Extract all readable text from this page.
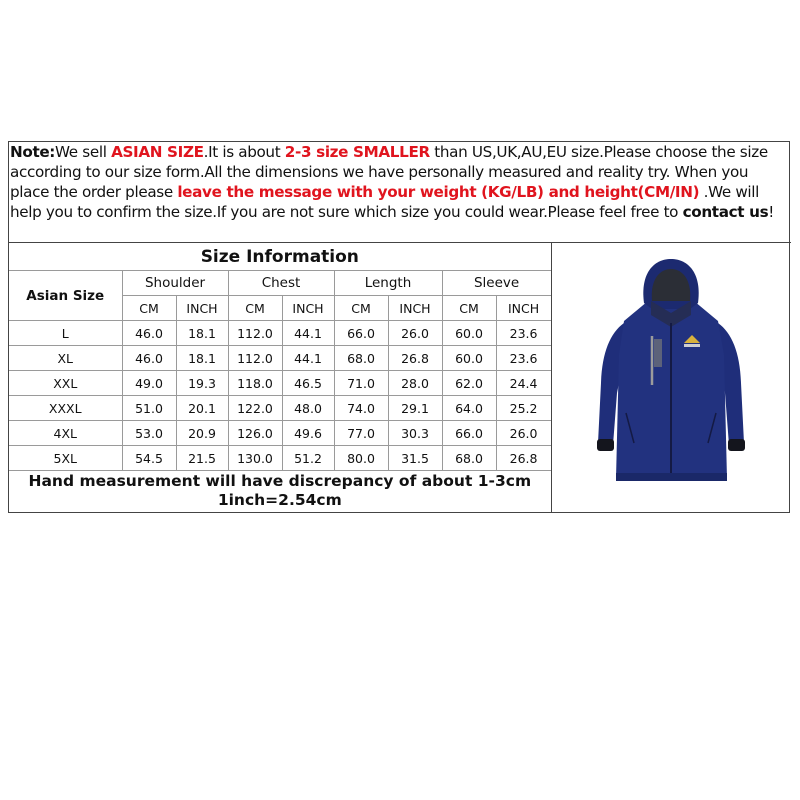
Note:We sell ASIAN SIZE.It is about 2-3 size SMALLER than US,UK,AU,EU size.Please choose the size according to our size form.All the dimensions we have personally measured and reality try. When you place the order please leave the message with your weight (KG/LB) and height(CM/IN) .We will help you to confirm the size.If you are not sure which size you could wear.Please feel free to contact us!
Size Information								
Asian Size	Shoulder		Chest		Length		Sleeve	
	CM	INCH	CM	INCH	CM	INCH	CM	INCH
L	46.0	18.1	112.0	44.1	66.0	26.0	60.0	23.6
XL	46.0	18.1	112.0	44.1	68.0	26.8	60.0	23.6
XXL	49.0	19.3	118.0	46.5	71.0	28.0	62.0	24.4
XXXL	51.0	20.1	122.0	48.0	74.0	29.1	64.0	25.2
4XL	53.0	20.9	126.0	49.6	77.0	30.3	66.0	26.0
5XL	54.5	21.5	130.0	51.2	80.0	31.5	68.0	26.8

Hand measurement will have discrepancy of about 1-3cm
1inch=2.54cm								
